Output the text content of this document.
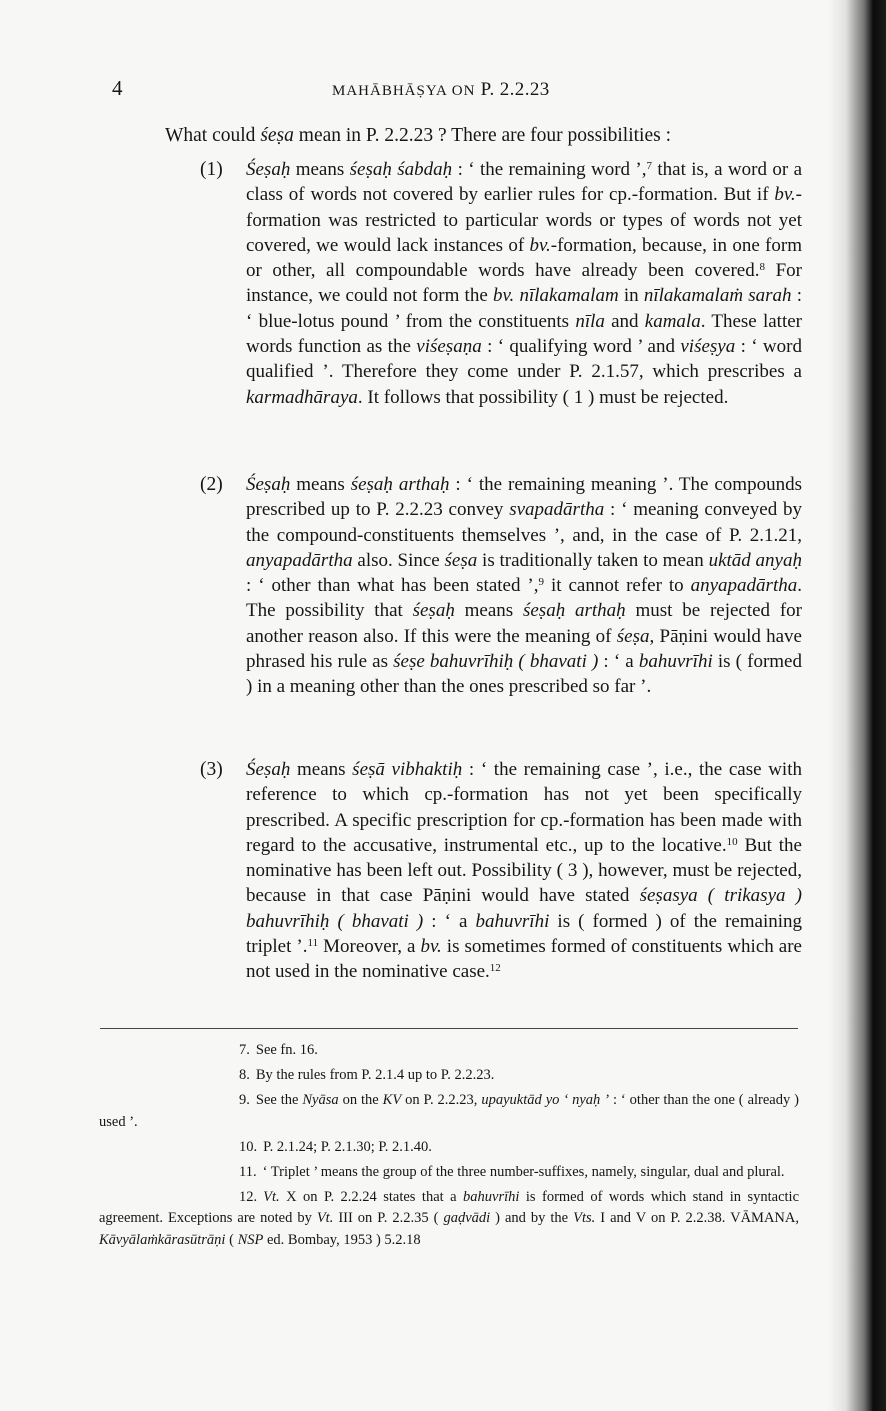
4	MAHĀBHĀṢYA ON P. 2.2.23

What could śeṣa mean in P. 2.2.23 ? There are four possibilities :

(1) Śeṣaḥ means śeṣaḥ śabdaḥ : ‘ the remaining word ’,$^7$ that is, a word or a class of words not covered by earlier rules for cp.-formation. But if bv.-formation was restricted to particular words or types of words not yet covered, we would lack instances of bv.-formation, because, in one form or other, all compoundable words have already been covered.$^8$ For instance, we could not form the bv. nīlakamalam in nīlakamalaṁ sarah : ‘ blue-lotus pound ’ from the constituents nīla and kamala. These latter words function as the viśeṣaṇa : ‘ qualifying word ’ and viśeṣya : ‘ word qualified ’. Therefore they come under P. 2.1.57, which prescribes a karmadhāraya. It follows that possibility ( 1 ) must be rejected.

(2) Śeṣaḥ means śeṣaḥ arthaḥ : ‘ the remaining meaning ’. The compounds prescribed up to P. 2.2.23 convey svapadārtha : ‘ meaning conveyed by the compound-constituents themselves ’, and, in the case of P. 2.1.21, anyapadārtha also. Since śeṣa is traditionally taken to mean uktād anyaḥ : ‘ other than what has been stated ’,$^9$ it cannot refer to anyapadārtha. The possibility that śeṣaḥ means śeṣaḥ arthaḥ must be rejected for another reason also. If this were the meaning of śeṣa, Pāṇini would have phrased his rule as śeṣe bahuvrīhiḥ ( bhavati ) : ‘ a bahuvrīhi is ( formed ) in a meaning other than the ones prescribed so far ’.

(3) Śeṣaḥ means śeṣā vibhaktiḥ : ‘ the remaining case ’, i.e., the case with reference to which cp.-formation has not yet been specifically prescribed. A specific prescription for cp.-formation has been made with regard to the accusative, instrumental etc., up to the locative.$^{10}$ But the nominative has been left out. Possibility ( 3 ), however, must be rejected, because in that case Pāṇini would have stated śeṣasya ( trikasya ) bahuvrīhiḥ ( bhavati ) : ‘ a bahuvrīhi is ( formed ) of the remaining triplet ’.$^{11}$ Moreover, a bv. is sometimes formed of constituents which are not used in the nominative case.$^{12}$

7. See fn. 16.

8. By the rules from P. 2.1.4 up to P. 2.2.23.

9. See the Nyāsa on the KV on P. 2.2.23, upayuktād yo ‘ nyaḥ ’ : ‘ other than the one ( already ) used ’.

10. P. 2.1.24; P. 2.1.30; P. 2.1.40.

11. ‘ Triplet ’ means the group of the three number-suffixes, namely, singular, dual and plural.

12. Vt. X on P. 2.2.24 states that a bahuvrīhi is formed of words which stand in syntactic agreement. Exceptions are noted by Vt. III on P. 2.2.35 ( gaḍvādi ) and by the Vts. I and V on P. 2.2.38. VĀMANA, Kāvyālaṁkārasūtrāṇi ( NSP ed. Bombay, 1953 ) 5.2.18
